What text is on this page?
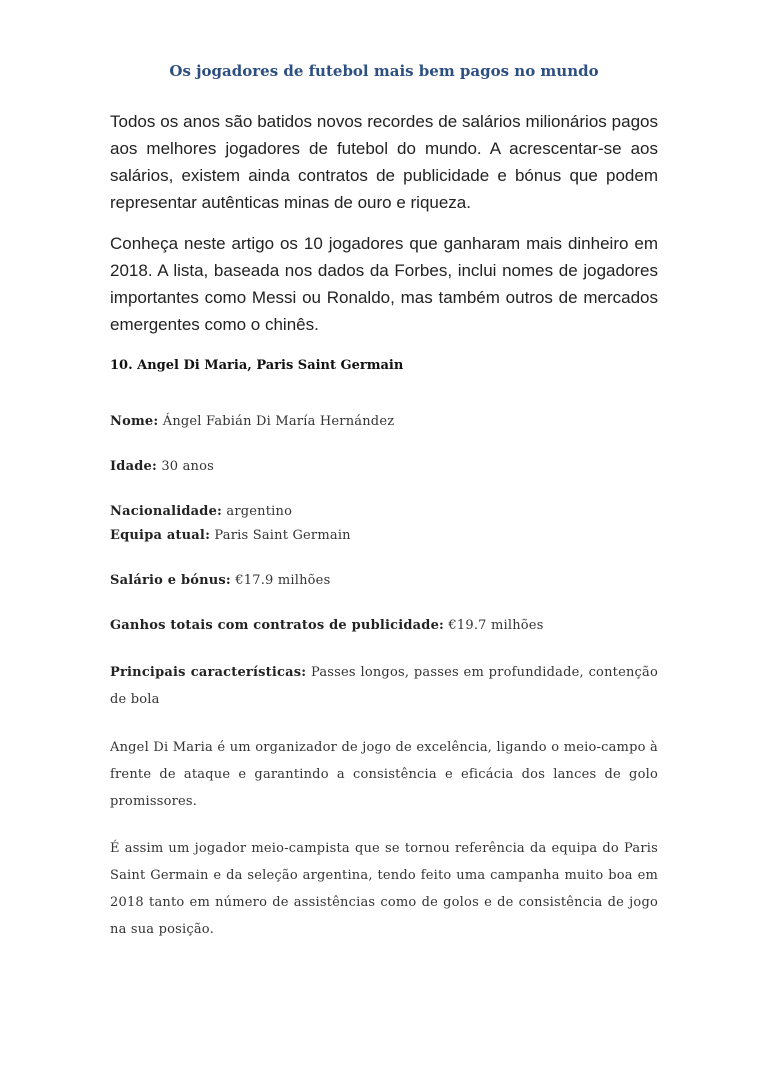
Os jogadores de futebol mais bem pagos no mundo

Todos os anos são batidos novos recordes de salários milionários pagos aos melhores jogadores de futebol do mundo. A acrescentar-se aos salários, existem ainda contratos de publicidade e bónus que podem representar autênticas minas de ouro e riqueza.

Conheça neste artigo os 10 jogadores que ganharam mais dinheiro em 2018. A lista, baseada nos dados da Forbes, inclui nomes de jogadores importantes como Messi ou Ronaldo, mas também outros de mercados emergentes como o chinês.

10. Angel Di Maria, Paris Saint Germain

Nome: Ángel Fabián Di María Hernández

Idade: 30 anos

Nacionalidade: argentino

Equipa atual: Paris Saint Germain

Salário e bónus: €17.9 milhões

Ganhos totais com contratos de publicidade: €19.7 milhões

Principais características: Passes longos, passes em profundidade, contenção de bola

Angel Di Maria é um organizador de jogo de excelência, ligando o meio-campo à frente de ataque e garantindo a consistência e eficácia dos lances de golo promissores.

É assim um jogador meio-campista que se tornou referência da equipa do Paris Saint Germain e da seleção argentina, tendo feito uma campanha muito boa em 2018 tanto em número de assistências como de golos e de consistência de jogo na sua posição.
